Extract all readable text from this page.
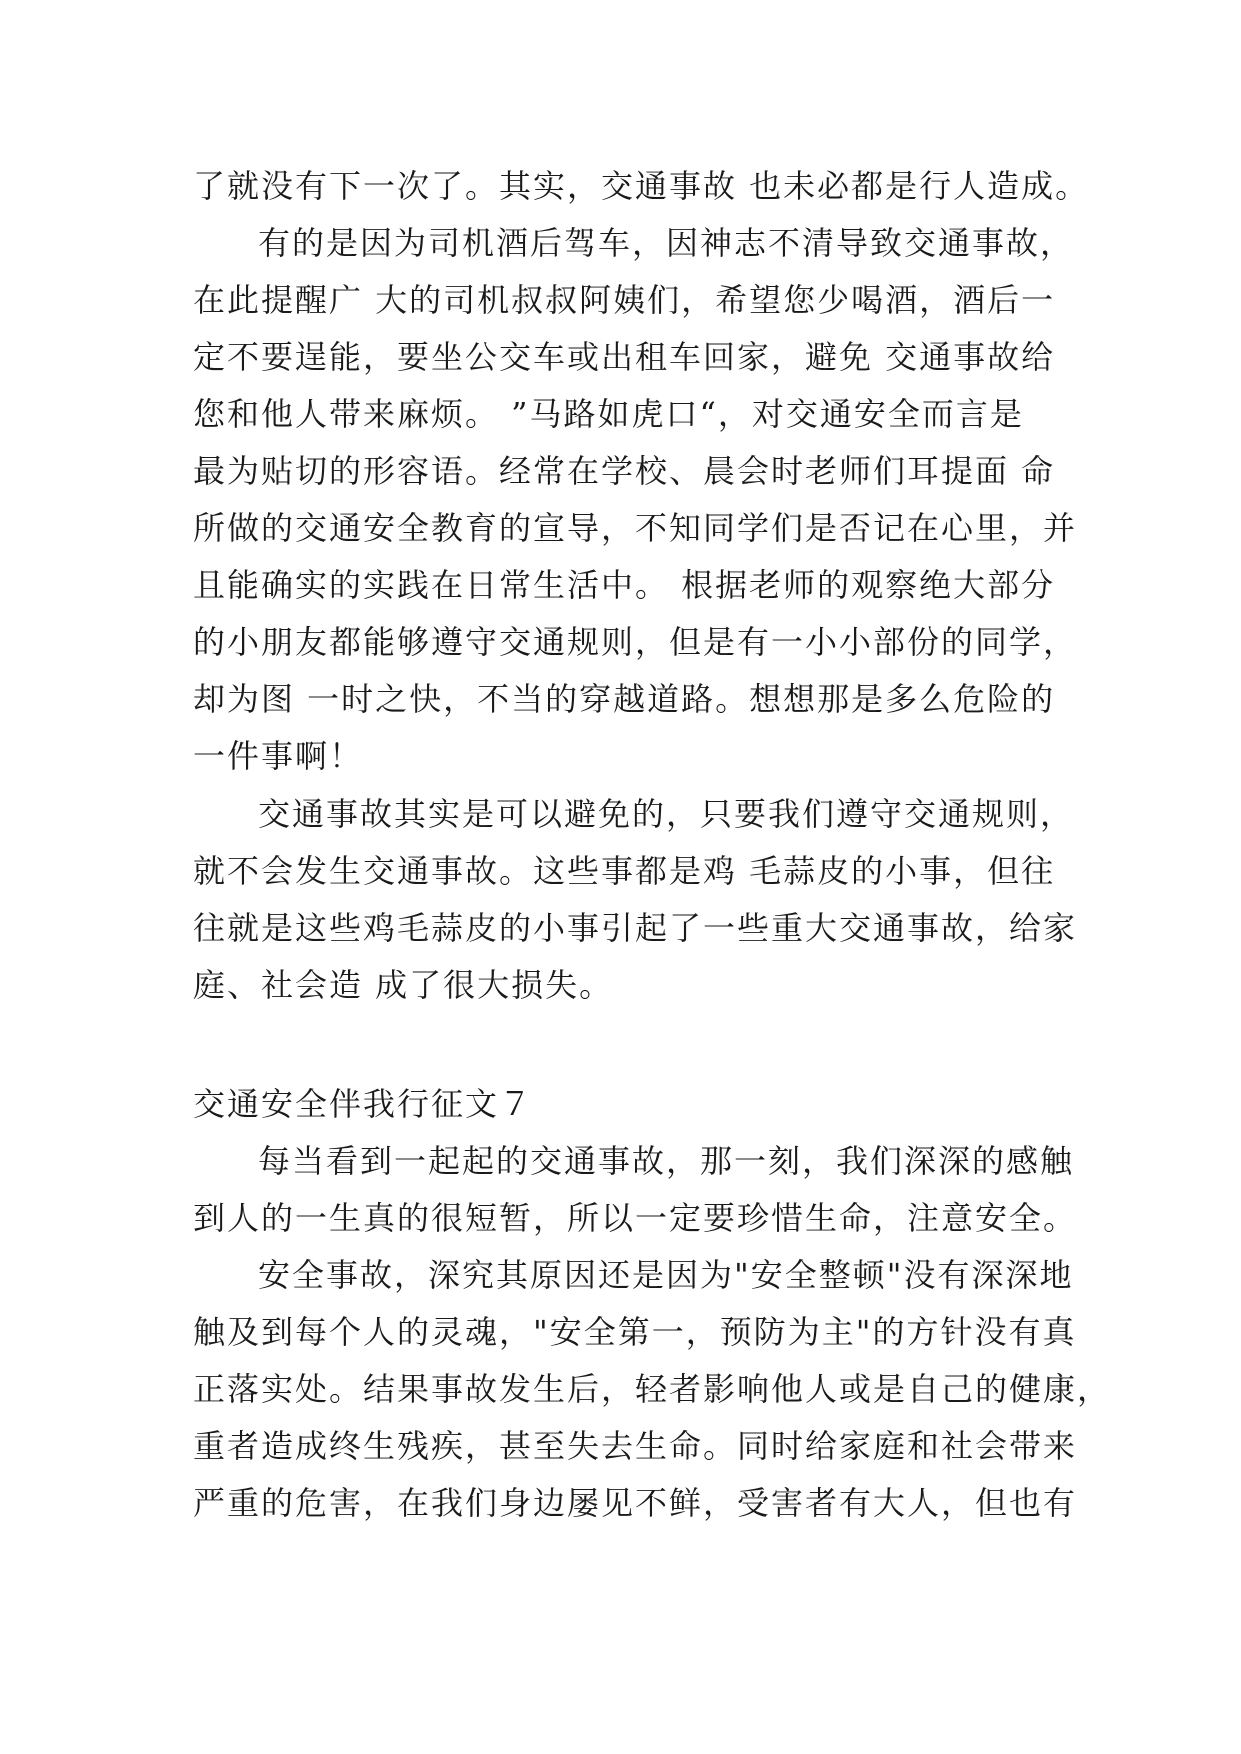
了就没有下一次了。其实，交通事故 也未必都是行人造成。
有的是因为司机酒后驾车，因神志不清导致交通事故，
在此提醒广 大的司机叔叔阿姨们，希望您少喝酒，酒后一
定不要逞能，要坐公交车或出租车回家，避免 交通事故给
您和他人带来麻烦。 ”马路如虎口“，对交通安全而言是
最为贴切的形容语。经常在学校、晨会时老师们耳提面 命
所做的交通安全教育的宣导，不知同学们是否记在心里，并
且能确实的实践在日常生活中。 根据老师的观察绝大部分
的小朋友都能够遵守交通规则，但是有一小小部份的同学，
却为图 一时之快，不当的穿越道路。想想那是多么危险的
一件事啊！
交通事故其实是可以避免的，只要我们遵守交通规则，
就不会发生交通事故。这些事都是鸡 毛蒜皮的小事，但往
往就是这些鸡毛蒜皮的小事引起了一些重大交通事故，给家
庭、社会造 成了很大损失。
交通安全伴我行征文７
每当看到一起起的交通事故，那一刻，我们深深的感触
到人的一生真的很短暂，所以一定要珍惜生命，注意安全。
安全事故，深究其原因还是因为"安全整顿"没有深深地
触及到每个人的灵魂，"安全第一，预防为主"的方针没有真
正落实处。结果事故发生后，轻者影响他人或是自己的健康，
重者造成终生残疾，甚至失去生命。同时给家庭和社会带来
严重的危害，在我们身边屡见不鲜，受害者有大人，但也有
